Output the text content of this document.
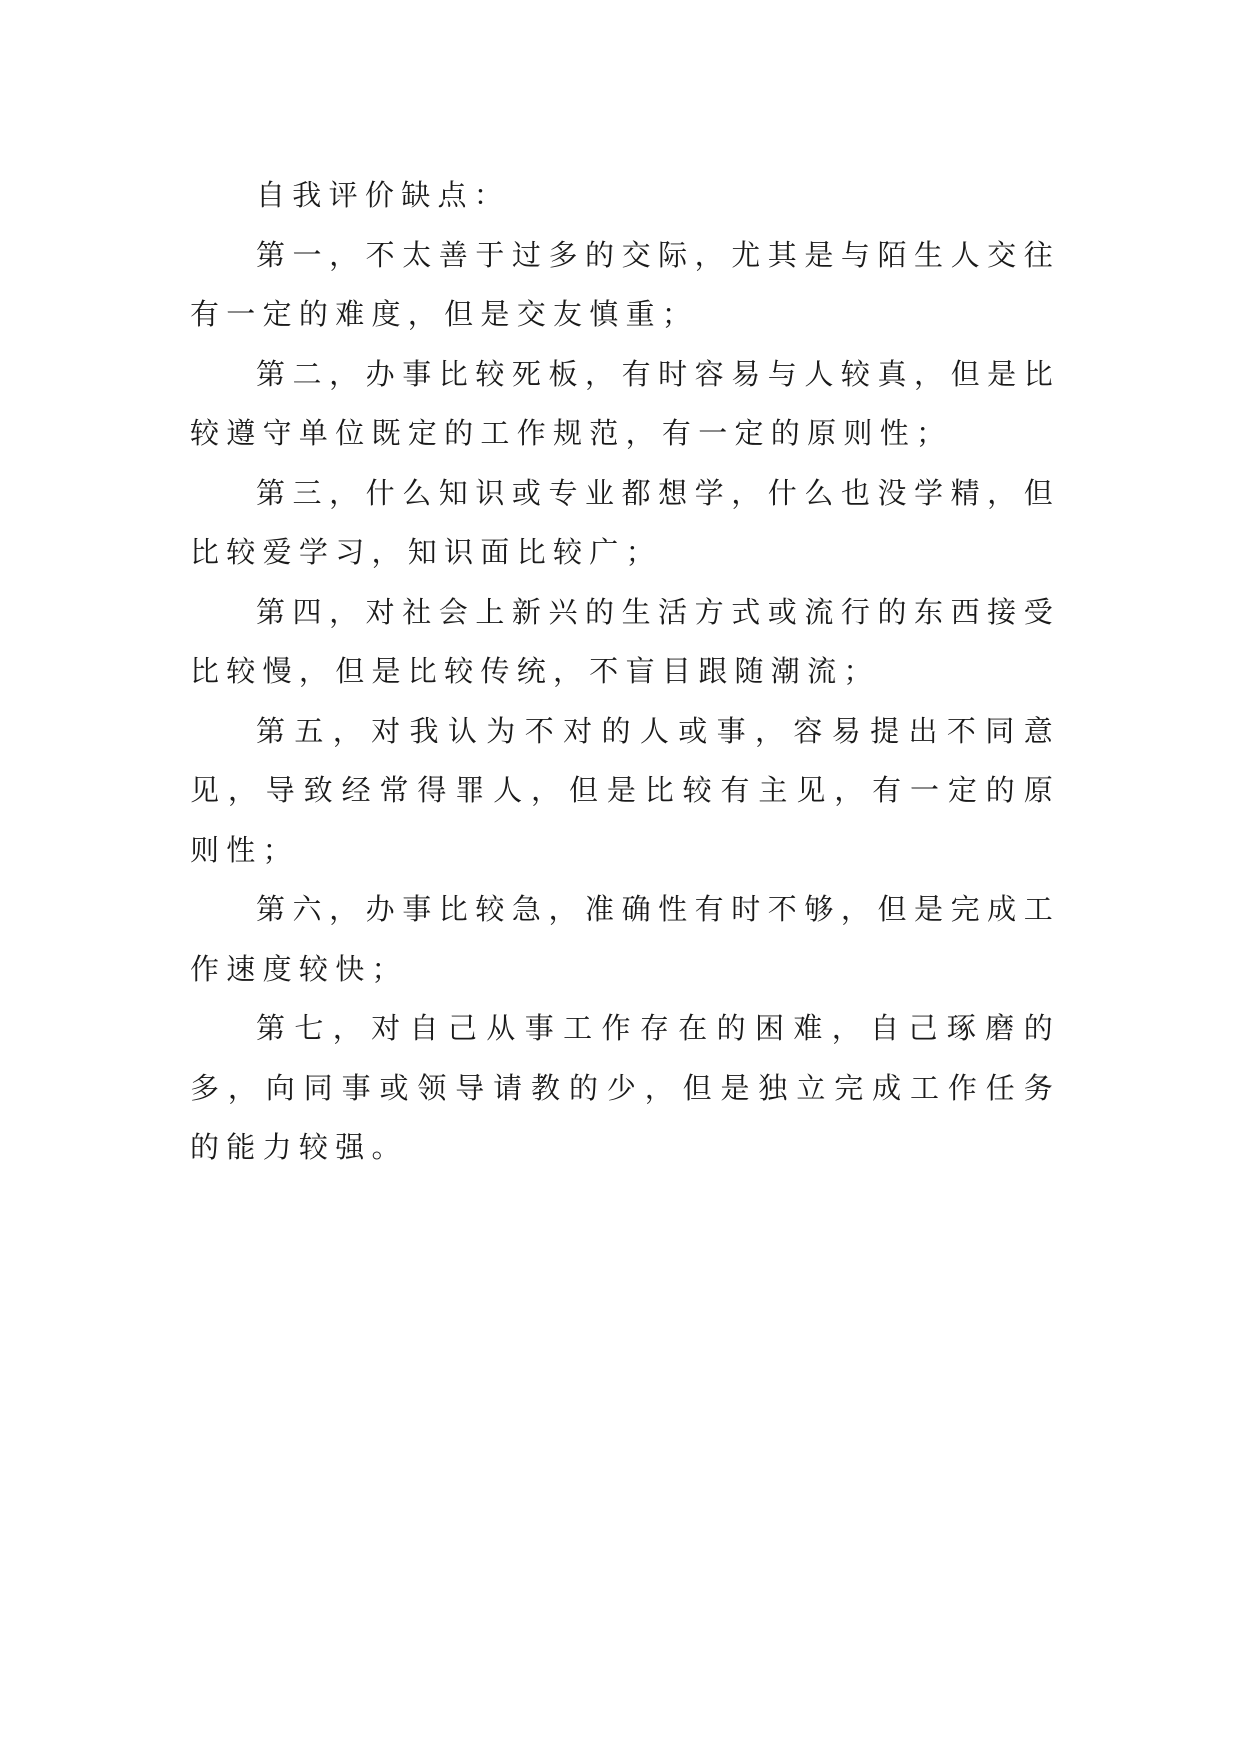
自我评价缺点：

第一，不太善于过多的交际，尤其是与陌生人交往有一定的难度，但是交友慎重；

第二，办事比较死板，有时容易与人较真，但是比较遵守单位既定的工作规范，有一定的原则性；

第三，什么知识或专业都想学，什么也没学精，但比较爱学习，知识面比较广；

第四，对社会上新兴的生活方式或流行的东西接受比较慢，但是比较传统，不盲目跟随潮流；

第五，对我认为不对的人或事，容易提出不同意见，导致经常得罪人，但是比较有主见，有一定的原则性；

第六，办事比较急，准确性有时不够，但是完成工作速度较快；

第七，对自己从事工作存在的困难，自己琢磨的多，向同事或领导请教的少，但是独立完成工作任务的能力较强。
